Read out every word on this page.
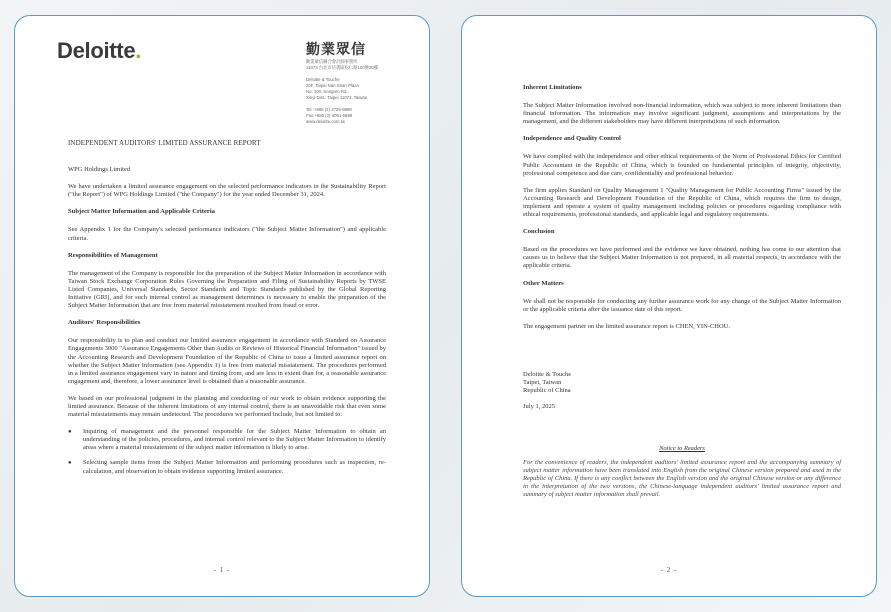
Deloitte.	勤業眾信
勤業眾信聯合會計師事務所
11073 台北市信義區松仁路100號20樓
Deloitte & Touche
20F, Taipei Nan Shan Plaza
No. 100, Songren Rd.,
Xinyi Dist., Taipei 11073, Taiwan
Tel :+886 (2) 2725-9988
Fax:+886 (2) 4051-6888
www.deloitte.com.tw
INDEPENDENT AUDITORS' LIMITED ASSURANCE REPORT
WPG Holdings Limited
We have undertaken a limited assurance engagement on the selected performance indicators in the Sustainability Report ("the Report") of WPG Holdings Limited ("the Company") for the year ended December 31, 2024.
Subject Matter Information and Applicable Criteria
See Appendix 1 for the Company's selected performance indicators ("the Subject Matter Information") and applicable criteria.
Responsibilities of Management
The management of the Company is responsible for the preparation of the Subject Matter Information in accordance with Taiwan Stock Exchange Corporation Rules Governing the Preparation and Filing of Sustainability Reports by TWSE Listed Companies, Universal Standards, Sector Standards and Topic Standards published by the Global Reporting Initiative (GRI), and for such internal control as management determines is necessary to enable the preparation of the Subject Matter Information that are free from material misstatement resulted from fraud or error.
Auditors' Responsibilities
Our responsibility is to plan and conduct our limited assurance engagement in accordance with Standard on Assurance Engagements 3000 "Assurance Engagements Other than Audits or Reviews of Historical Financial Information" issued by the Accounting Research and Development Foundation of the Republic of China to issue a limited assurance report on whether the Subject Matter Information (see Appendix 1) is free from material misstatement. The procedures performed in a limited assurance engagement vary in nature and timing from, and are less in extent than for, a reasonable assurance engagement and, therefore, a lower assurance level is obtained than a reasonable assurance.
We based on our professional judgment in the planning and conducting of our work to obtain evidence supporting the limited assurance. Because of the inherent limitations of any internal control, there is an unavoidable risk that even some material misstatements may remain undetected. The procedures we performed include, but not limited to:
● Inquiring of management and the personnel responsible for the Subject Matter Information to obtain an understanding of the policies, procedures, and internal control relevant to the Subject Matter Information to identify areas where a material misstatement of the subject matter information is likely to arise.
● Selecting sample items from the Subject Matter Information and performing procedures such as inspection, re-calculation, and observation to obtain evidence supporting limited assurance.
- 1 -
Inherent Limitations
The Subject Matter Information involved non-financial information, which was subject to more inherent limitations than financial information. The information may involve significant judgment, assumptions and interpretations by the management, and the different stakeholders may have different interpretations of such information.
Independence and Quality Control
We have complied with the independence and other ethical requirements of the Norm of Professional Ethics for Certified Public Accountant in the Republic of China, which is founded on fundamental principles of integrity, objectivity, professional competence and due care, confidentiality and professional behavior.
The firm applies Standard on Quality Management 1 "Quality Management for Public Accounting Firms" issued by the Accounting Research and Development Foundation of the Republic of China, which requires the firm to design, implement and operate a system of quality management including policies or procedures regarding compliance with ethical requirements, professional standards, and applicable legal and regulatory requirements.
Conclusion
Based on the procedures we have performed and the evidence we have obtained, nothing has come to our attention that causes us to believe that the Subject Matter Information is not prepared, in all material respects, in accordance with the applicable criteria.
Other Matters
We shall not be responsible for conducting any further assurance work for any change of the Subject Matter Information or the applicable criteria after the issuance date of this report.
The engagement partner on the limited assurance report is CHEN, YIN-CHOU.
Deloitte & Touche
Taipei, Taiwan
Republic of China
July 1, 2025
Notice to Readers
For the convenience of readers, the independent auditors' limited assurance report and the accompanying summary of subject matter information have been translated into English from the original Chinese version prepared and used in the Republic of China. If there is any conflict between the English version and the original Chinese version or any difference in the interpretation of the two versions, the Chinese-language independent auditors' limited assurance report and summary of subject matter information shall prevail.
- 2 -
